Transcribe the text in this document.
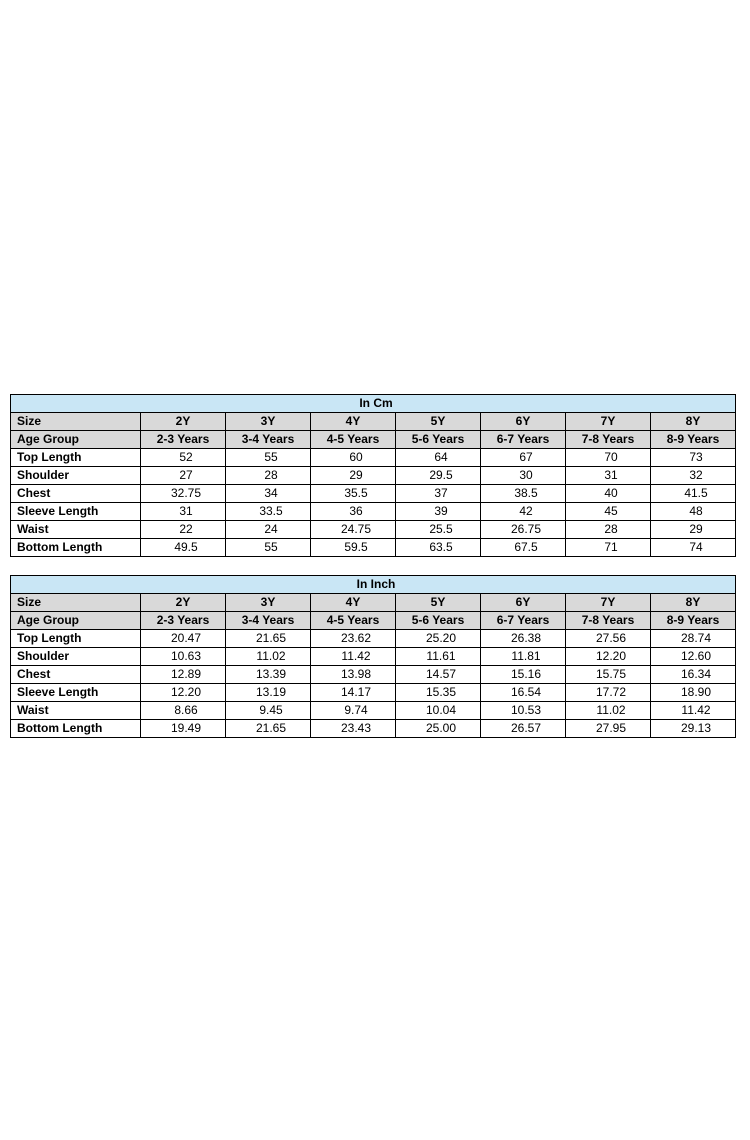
In Cm							
Size	2Y	3Y	4Y	5Y	6Y	7Y	8Y
Age Group	2-3 Years	3-4 Years	4-5 Years	5-6 Years	6-7 Years	7-8 Years	8-9 Years
Top Length	52	55	60	64	67	70	73
Shoulder	27	28	29	29.5	30	31	32
Chest	32.75	34	35.5	37	38.5	40	41.5
Sleeve Length	31	33.5	36	39	42	45	48
Waist	22	24	24.75	25.5	26.75	28	29
Bottom Length	49.5	55	59.5	63.5	67.5	71	74
In Inch							
Size	2Y	3Y	4Y	5Y	6Y	7Y	8Y
Age Group	2-3 Years	3-4 Years	4-5 Years	5-6 Years	6-7 Years	7-8 Years	8-9 Years
Top Length	20.47	21.65	23.62	25.20	26.38	27.56	28.74
Shoulder	10.63	11.02	11.42	11.61	11.81	12.20	12.60
Chest	12.89	13.39	13.98	14.57	15.16	15.75	16.34
Sleeve Length	12.20	13.19	14.17	15.35	16.54	17.72	18.90
Waist	8.66	9.45	9.74	10.04	10.53	11.02	11.42
Bottom Length	19.49	21.65	23.43	25.00	26.57	27.95	29.13
